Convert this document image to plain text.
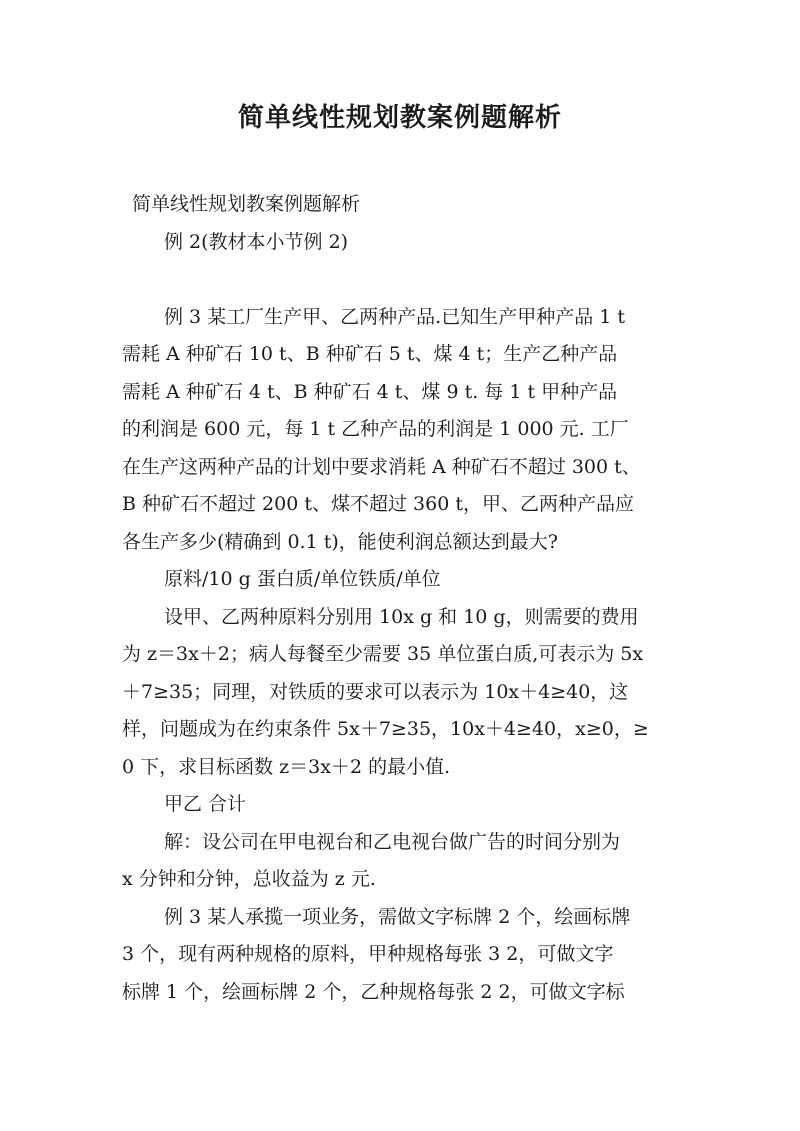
简单线性规划教案例题解析
简单线性规划教案例题解析
例 2(教材本小节例 2)
例 3 某工厂生产甲、乙两种产品.已知生产甲种产品 1 t
需耗 A 种矿石 10 t、B 种矿石 5 t、煤 4 t；生产乙种产品
需耗 A 种矿石 4 t、B 种矿石 4 t、煤 9 t. 每 1 t 甲种产品
的利润是 600 元，每 1 t 乙种产品的利润是 1 000 元. 工厂
在生产这两种产品的计划中要求消耗 A 种矿石不超过 300 t、
B 种矿石不超过 200 t、煤不超过 360 t，甲、乙两种产品应
各生产多少(精确到 0.1 t)，能使利润总额达到最大?
原料/10 g 蛋白质/单位铁质/单位
设甲、乙两种原料分别用 10x g 和 10 g，则需要的费用
为 z＝3x＋2；病人每餐至少需要 35 单位蛋白质,可表示为 5x
＋7≥35；同理，对铁质的要求可以表示为 10x＋4≥40，这
样，问题成为在约束条件 5x＋7≥35，10x＋4≥40，x≥0，≥
0 下，求目标函数 z＝3x＋2 的最小值.
甲乙 合计
解：设公司在甲电视台和乙电视台做广告的时间分别为
x 分钟和分钟，总收益为 z 元.
例 3 某人承揽一项业务，需做文字标牌 2 个，绘画标牌
3 个，现有两种规格的原料，甲种规格每张 3 2，可做文字
标牌 1 个，绘画标牌 2 个，乙种规格每张 2 2，可做文字标
